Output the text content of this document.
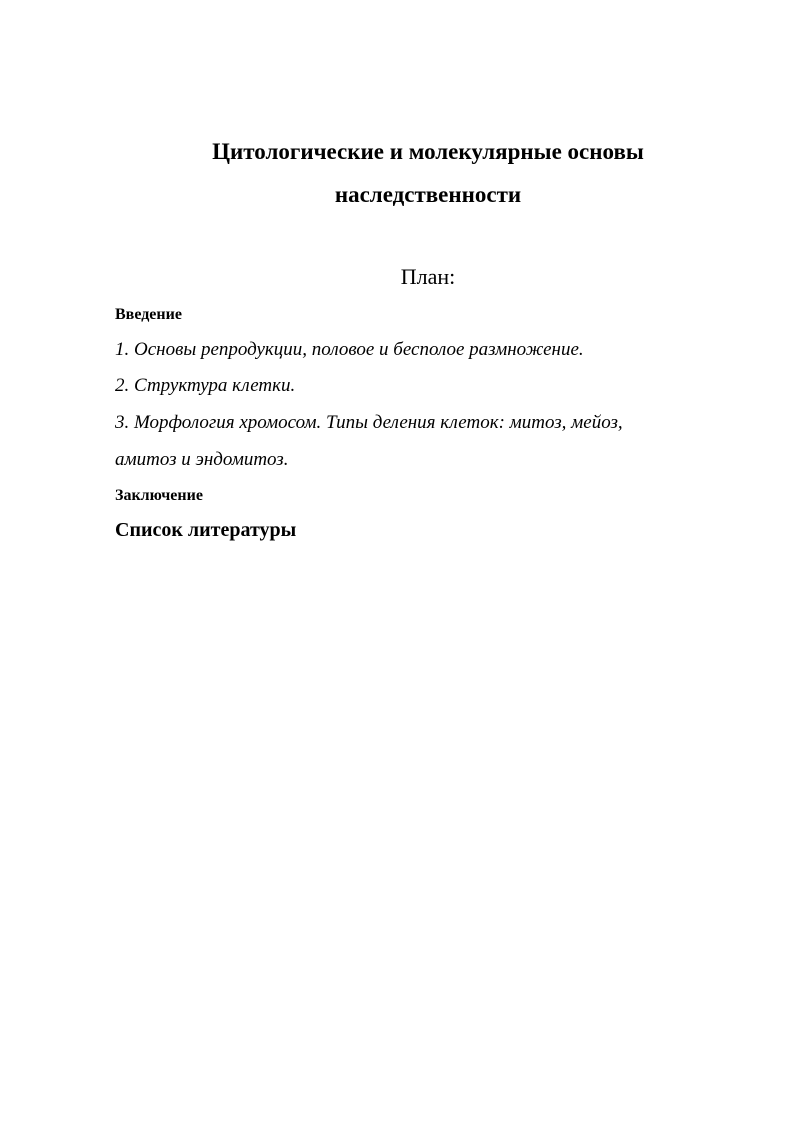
Цитологические и молекулярные основы
наследственности
План:
Введение
1. Основы репродукции, половое и бесполое размножение.
2. Структура клетки.
3. Морфология хромосом. Типы деления клеток: митоз, мейоз,
амитоз и эндомитоз.
Заключение
Список литературы
